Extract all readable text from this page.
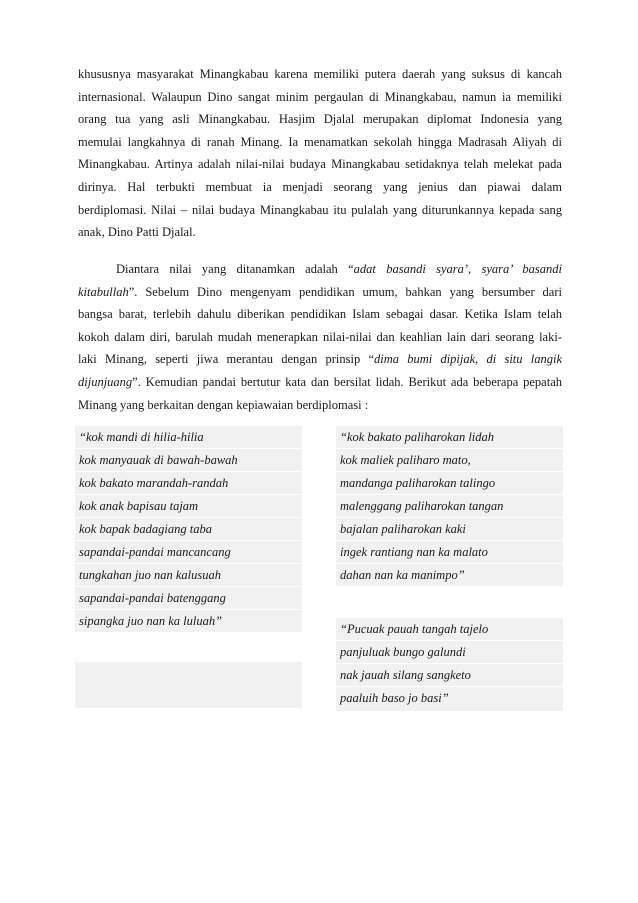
khususnya masyarakat Minangkabau karena memiliki putera daerah yang suksus di kancah
internasional. Walaupun Dino sangat minim pergaulan di Minangkabau, namun ia memiliki
orang tua yang asli Minangkabau. Hasjim Djalal merupakan diplomat Indonesia yang
memulai langkahnya di ranah Minang. Ia menamatkan sekolah hingga Madrasah Aliyah di
Minangkabau. Artinya adalah nilai-nilai budaya Minangkabau setidaknya telah melekat pada
dirinya. Hal terbukti membuat ia menjadi seorang yang jenius dan piawai dalam
berdiplomasi. Nilai – nilai budaya Minangkabau itu pulalah yang diturunkannya kepada sang
anak, Dino Patti Djalal.
Diantara nilai yang ditanamkan adalah “adat basandi syara’, syara’ basandi
kitabullah”. Sebelum Dino mengenyam pendidikan umum, bahkan yang bersumber dari
bangsa barat, terlebih dahulu diberikan pendidikan Islam sebagai dasar. Ketika Islam telah
kokoh dalam diri, barulah mudah menerapkan nilai-nilai dan keahlian lain dari seorang laki-
laki Minang, seperti jiwa merantau dengan prinsip “dima bumi dipijak, di situ langik
dijunjuang”. Kemudian pandai bertutur kata dan bersilat lidah. Berikut ada beberapa pepatah
Minang yang berkaitan dengan kepiawaian berdiplomasi :
“kok mandi di hilia-hilia
kok manyauak di bawah-bawah
kok bakato marandah-randah
kok anak bapisau tajam
kok bapak badagiang taba
sapandai-pandai mancancang
tungkahan juo nan kalusuah
sapandai-pandai batenggang
sipangka juo nan ka luluah”
“kok bakato paliharokan lidah
kok maliek paliharo mato,
mandanga paliharokan talingo
malenggang paliharokan tangan
bajalan paliharokan kaki
ingek rantiang nan ka malato
dahan nan ka manimpo”
“Pucuak pauah tangah tajelo
panjuluak bungo galundi
nak jauah silang sangketo
paaluih baso jo basi”
